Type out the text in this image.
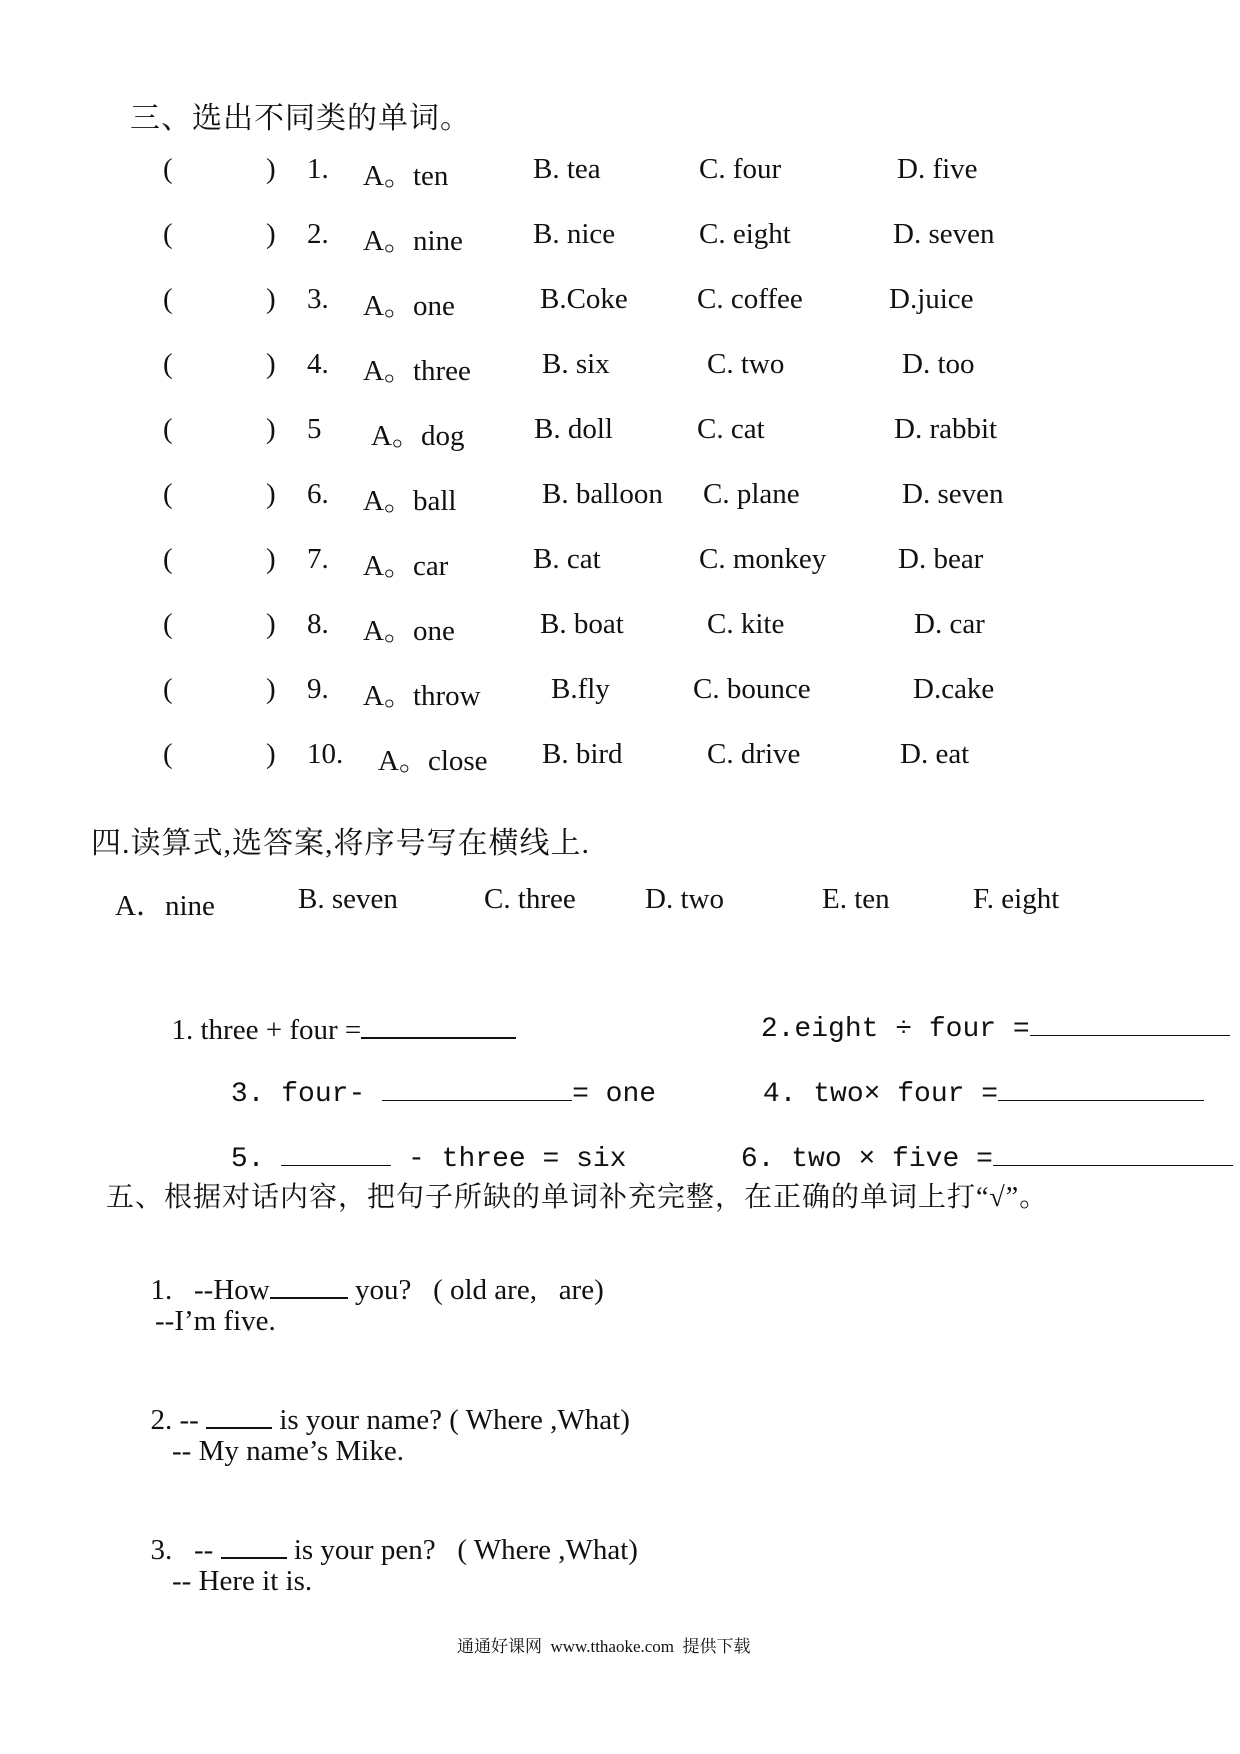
三、选出不同类的单词。
(	) 1. A。ten	B. tea	C. four	D. five
(	) 2. A。nine B. nice	C. eight	D. seven
(	) 3. A。one	B.Coke C. coffee	D.juice
(	) 4. A。three B. six	C. two	D. too
(	) 5 A。dog B. doll	C. cat	D. rabbit
(	) 6. A。ball	B. balloon C. plane	D. seven
(	) 7. A。car	B. cat	C. monkey D. bear
(	) 8. A。one	B. boat	C. kite	D. car
(	) 9. A。throw B.fly	C. bounce	D.cake
(	) 10. A。close B. bird	C. drive	D. eat
四.读算式,选答案,将序号写在横线上.
A．nine	B. seven	C. three D. two	E. ten	F. eight

1. three + four =
	2.eight ÷ four =

3. four-	= one
	4. two× four =

5.	- three = six
	6. two × five =

五、根据对话内容，把句子所缺的单词补充完整，在正确的单词上打“√”。

1.   --How	you?   ( old are,   are)

--I’m five.

2. --  is your name? ( Where ,What)

-- My name’s Mike.

3.   --  is your pen?   ( Where ,What)

-- Here it is.
通通好课网  www.tthaoke.com  提供下载
